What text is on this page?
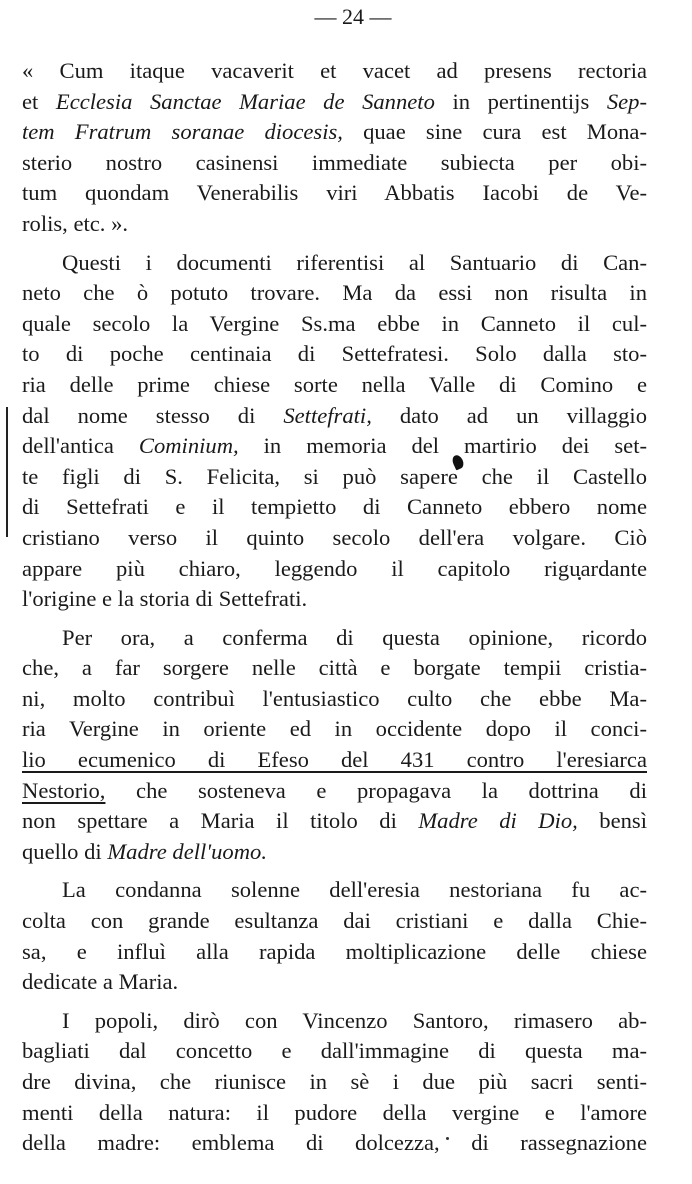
— 24 —

« Cum itaque vacaverit et vacet ad presens rectoria
et Ecclesia Sanctae Mariae de Sanneto in pertinentijs Sep-
tem Fratrum soranae diocesis, quae sine cura est Mona-
sterio nostro casinensi immediate subiecta per obi-
tum quondam Venerabilis viri Abbatis Iacobi de Ve-
rolis, etc. ».

Questi i documenti riferentisi al Santuario di Can-
neto che ò potuto trovare. Ma da essi non risulta in
quale secolo la Vergine Ss.ma ebbe in Canneto il cul-
to di poche centinaia di Settefratesi. Solo dalla sto-
ria delle prime chiese sorte nella Valle di Comino e
dal nome stesso di Settefrati, dato ad un villaggio
dell'antica Cominium, in memoria del martirio dei set-
te figli di S. Felicita, si può sapere che il Castello
di Settefrati e il tempietto di Canneto ebbero nome
cristiano verso il quinto secolo dell'era volgare. Ciò
appare più chiaro, leggendo il capitolo riguardante
l'origine e la storia di Settefrati.

Per ora, a conferma di questa opinione, ricordo
che, a far sorgere nelle città e borgate tempii cristia-
ni, molto contribuì l'entusiastico culto che ebbe Ma-
ria Vergine in oriente ed in occidente dopo il conci-
lio ecumenico di Efeso del 431 contro l'eresiarca
Nestorio, che sosteneva e propagava la dottrina di
non spettare a Maria il titolo di Madre di Dio, bensì
quello di Madre dell'uomo.

La condanna solenne dell'eresia nestoriana fu ac-
colta con grande esultanza dai cristiani e dalla Chie-
sa, e influì alla rapida moltiplicazione delle chiese
dedicate a Maria.

I popoli, dirò con Vincenzo Santoro, rimasero ab-
bagliati dal concetto e dall'immagine di questa ma-
dre divina, che riunisce in sè i due più sacri senti-
menti della natura: il pudore della vergine e l'amore
della madre: emblema di dolcezza, di rassegnazione
